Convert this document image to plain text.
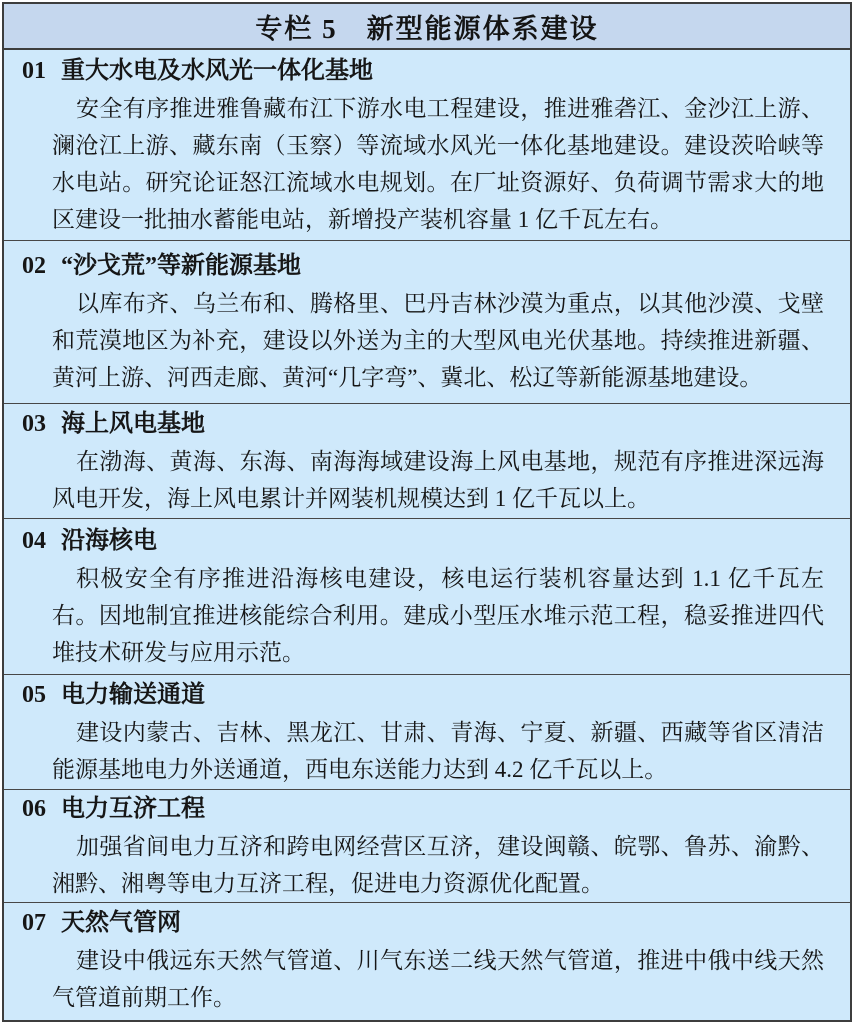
专栏 5　新型能源体系建设
01 重大水电及水风光一体化基地

安全有序推进雅鲁藏布江下游水电工程建设，推进雅砻江、金沙江上游、澜沧江上游、藏东南（玉察）等流域水风光一体化基地建设。建设茨哈峡等水电站。研究论证怒江流域水电规划。在厂址资源好、负荷调节需求大的地区建设一批抽水蓄能电站，新增投产装机容量 1 亿千瓦左右。

02 “沙戈荒”等新能源基地

以库布齐、乌兰布和、腾格里、巴丹吉林沙漠为重点，以其他沙漠、戈壁和荒漠地区为补充，建设以外送为主的大型风电光伏基地。持续推进新疆、黄河上游、河西走廊、黄河“几字弯”、冀北、松辽等新能源基地建设。

03 海上风电基地

在渤海、黄海、东海、南海海域建设海上风电基地，规范有序推进深远海风电开发，海上风电累计并网装机规模达到 1 亿千瓦以上。

04 沿海核电

积极安全有序推进沿海核电建设，核电运行装机容量达到 1.1 亿千瓦左右。因地制宜推进核能综合利用。建成小型压水堆示范工程，稳妥推进四代堆技术研发与应用示范。

05 电力输送通道

建设内蒙古、吉林、黑龙江、甘肃、青海、宁夏、新疆、西藏等省区清洁能源基地电力外送通道，西电东送能力达到 4.2 亿千瓦以上。

06 电力互济工程

加强省间电力互济和跨电网经营区互济，建设闽赣、皖鄂、鲁苏、渝黔、湘黔、湘粤等电力互济工程，促进电力资源优化配置。

07 天然气管网

建设中俄远东天然气管道、川气东送二线天然气管道，推进中俄中线天然气管道前期工作。
